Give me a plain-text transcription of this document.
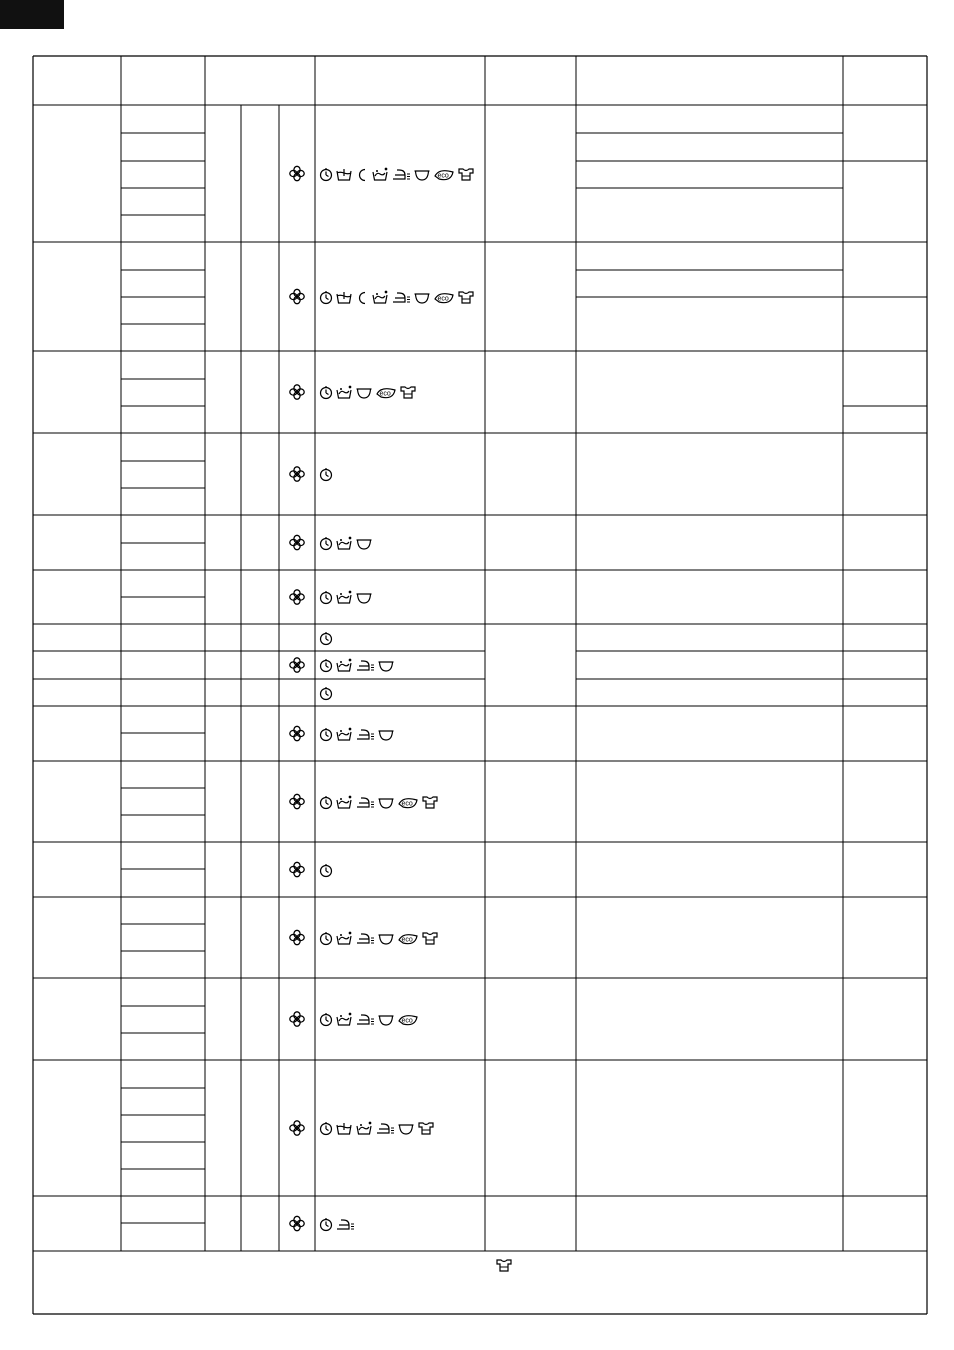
eco
eco
eco
eco
eco
eco
